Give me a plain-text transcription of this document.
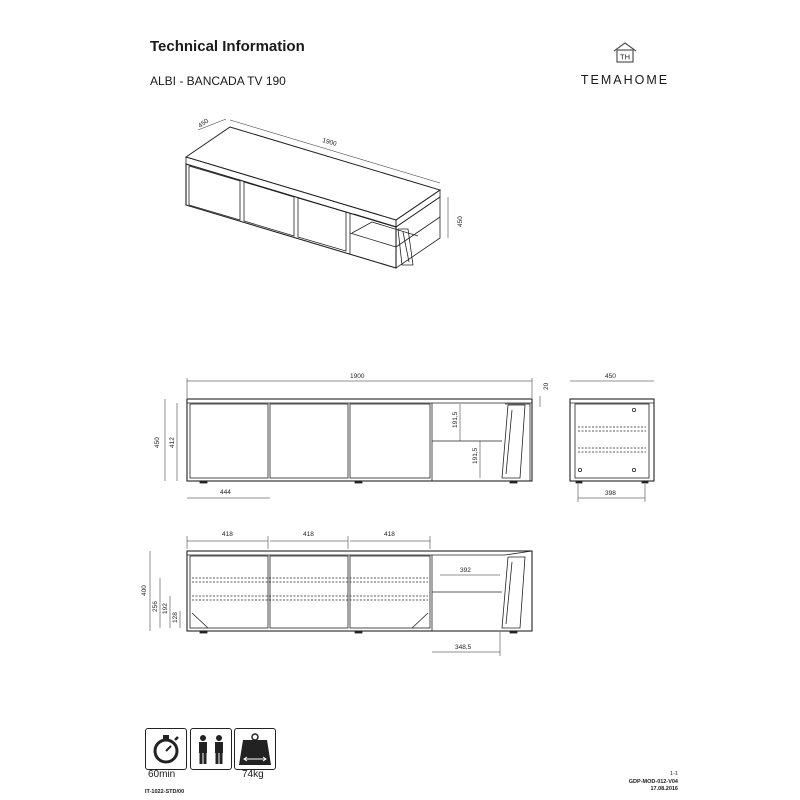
Technical Information
ALBI - BANCADA TV 190
TH
TEMAHOME
1900
450
450
1900
20
450 412
191,5
191,5
444
450
398
418	418	418
400
256 192
128
392
348,5
60min
max.
74kg
IT-1022-STD/00
1-1
GDP-MOD-012-V04
17.08.2016
